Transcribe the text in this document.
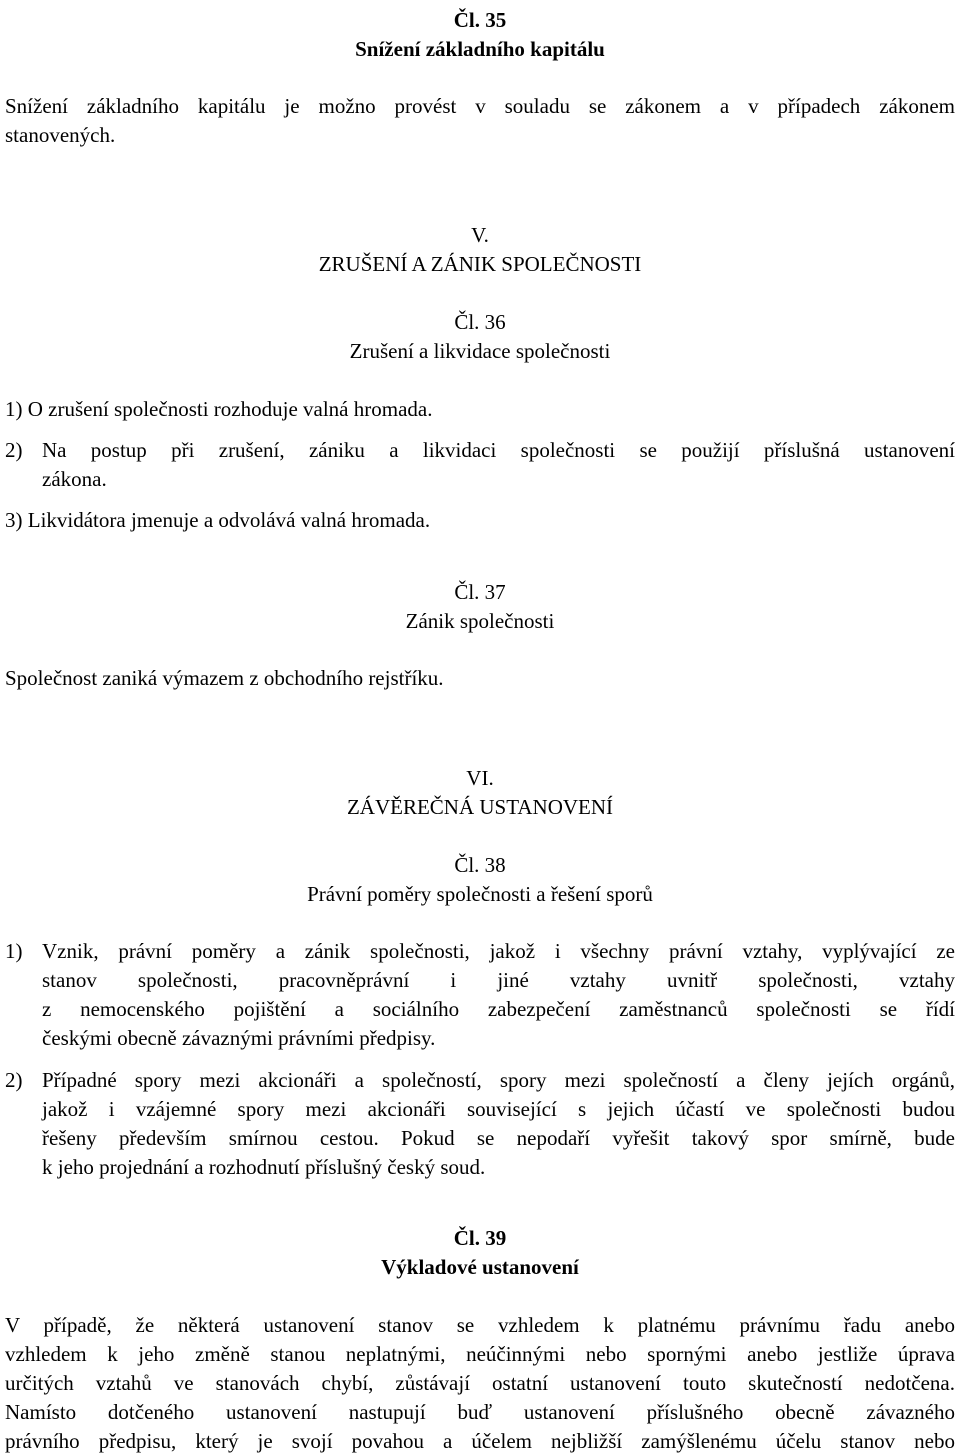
Čl. 35
Snížení základního kapitálu
Snížení základního kapitálu je možno provést v souladu se zákonem a v případech zákonem
stanovených.
V.
ZRUŠENÍ A ZÁNIK SPOLEČNOSTI
Čl. 36
Zrušení a likvidace společnosti
1) O zrušení společnosti rozhoduje valná hromada.
2) Na postup při zrušení, zániku a likvidaci společnosti se použijí příslušná ustanovení
zákona.
3) Likvidátora jmenuje a odvolává valná hromada.
Čl. 37
Zánik společnosti
Společnost zaniká výmazem z obchodního rejstříku.
VI.
ZÁVĚREČNÁ USTANOVENÍ
Čl. 38
Právní poměry společnosti a řešení sporů
1) Vznik, právní poměry a zánik společnosti, jakož i všechny právní vztahy, vyplývající ze
stanov společnosti, pracovněprávní i jiné vztahy uvnitř společnosti, vztahy
z nemocenského pojištění a sociálního zabezpečení zaměstnanců společnosti se řídí
českými obecně závaznými právními předpisy.
2) Případné spory mezi akcionáři a společností, spory mezi společností a členy jejích orgánů,
jakož i vzájemné spory mezi akcionáři související s jejich účastí ve společnosti budou
řešeny především smírnou cestou. Pokud se nepodaří vyřešit takový spor smírně, bude
k jeho projednání a rozhodnutí příslušný český soud.
Čl. 39
Výkladové ustanovení
V případě, že některá ustanovení stanov se vzhledem k platnému právnímu řadu anebo
vzhledem k jeho změně stanou neplatnými, neúčinnými nebo spornými anebo jestliže úprava
určitých vztahů ve stanovách chybí, zůstávají ostatní ustanovení touto skutečností nedotčena.
Namísto dotčeného ustanovení nastupují buď ustanovení příslušného obecně závazného
právního předpisu, který je svojí povahou a účelem nejbližší zamýšlenému účelu stanov nebo
